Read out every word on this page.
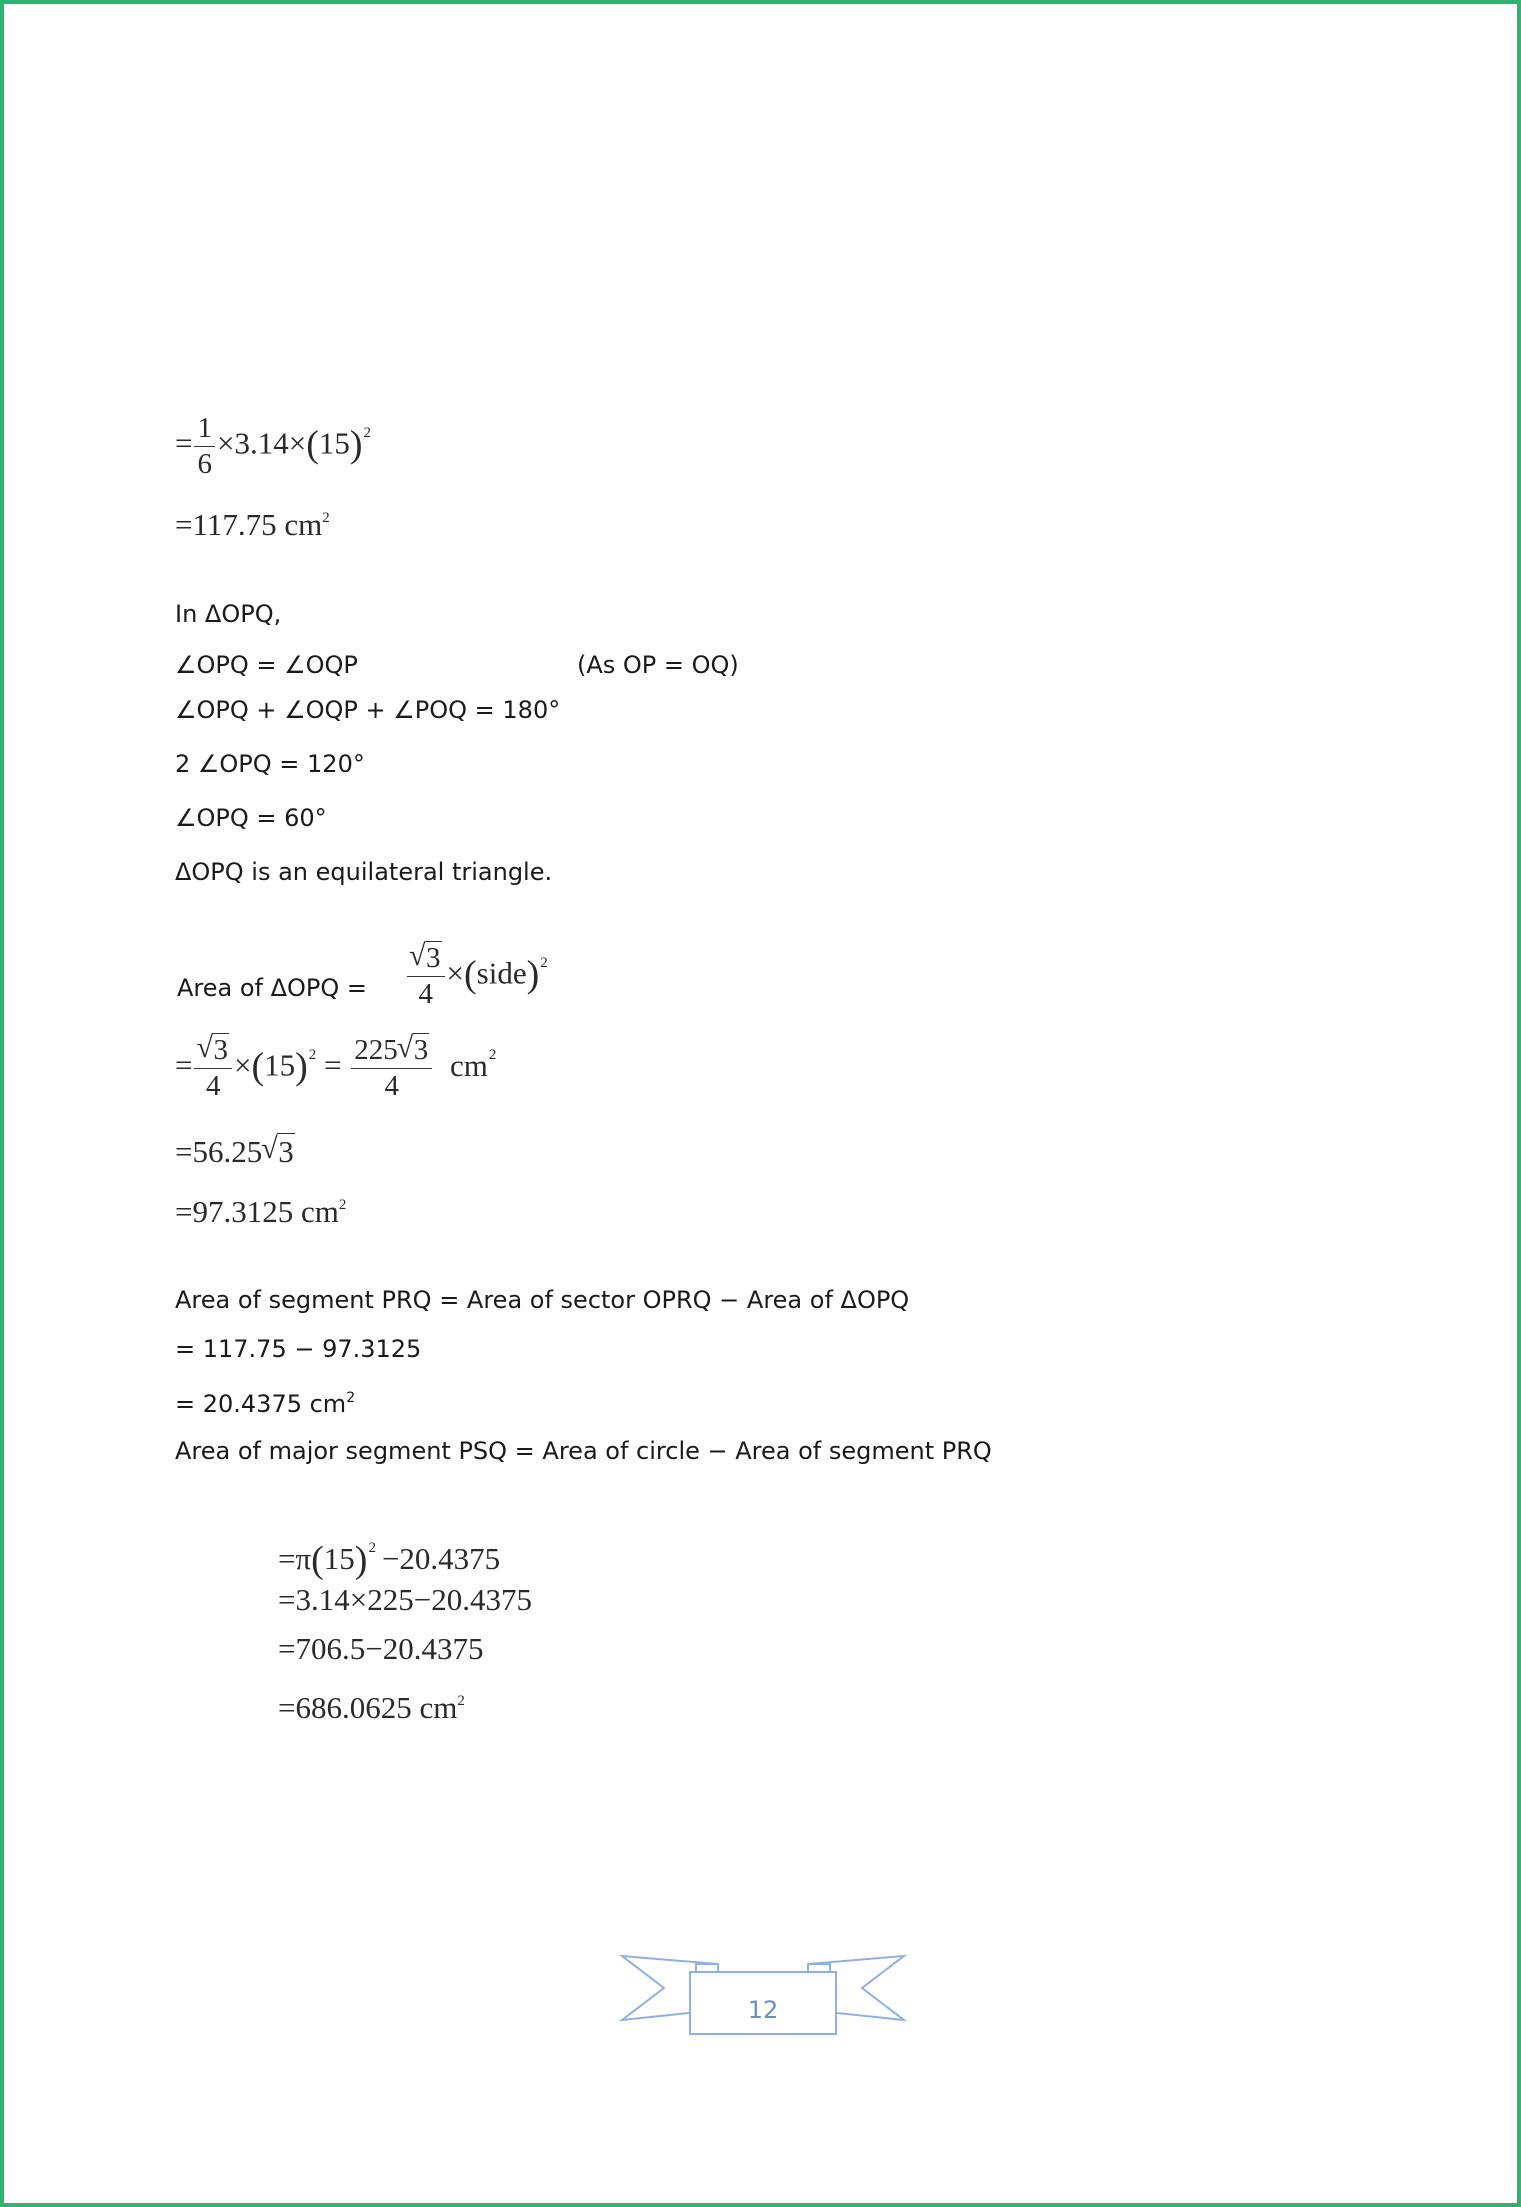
= $\frac{1}{6} \times 3.14\times(15)^2$
=117.75 $cm^2$
In ΔOPQ,
∠OPQ = ∠OQP	(As OP = OQ)
∠OPQ + ∠OQP + ∠POQ = 180°
2 ∠OPQ = 120°
∠OPQ = 60°
ΔOPQ is an equilateral triangle.
Area of ΔOPQ = √ $\frac{3}{4}$ ×(side)$^2$
= √ $\frac{3}{4} \times(15)^2 = \frac{225 √ 3}{4} cm^2$
=56.25 √ 3
=97.3125 $cm^2$
Area of segment PRQ = Area of sector OPRQ − Area of ΔOPQ
= 117.75 − 97.3125
= 20.4375 $cm^2$
Area of major segment PSQ = Area of circle − Area of segment PRQ
$=\pi(15)^2 -20.4375$
=3.14×225−20.4375
=706.5−20.4375
=686.0625 $cm^2$
12
